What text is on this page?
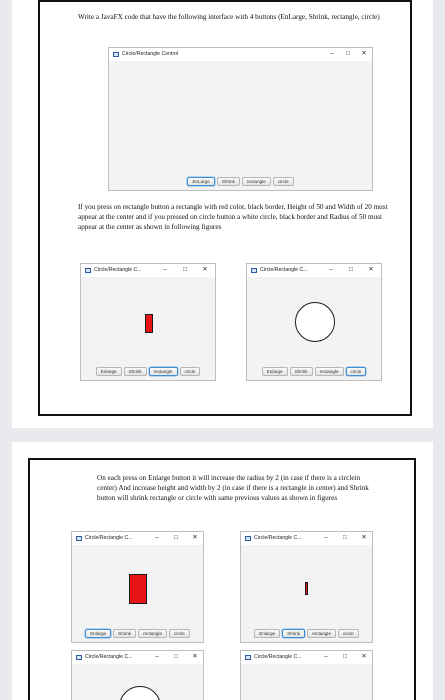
Write a JavaFX code that have the following interface with 4 buttons (EnLarge, Shrink, rectangle, circle)
Circle/Rectangle Control	–	□	✕
EnLarge	Shrink	rectangle	circle
If you press on rectangle button a rectangle with red color, black border, Height of 50 and Width of 20 must appear at the center and if you pressed on circle button a white circle, black border and Radius of 50 must appear at the center as shown in following figures
Circle/Rectangle C...	–	□	✕
Enlarge	Shrink	rectangle	circle
Circle/Rectangle C...	–	□	✕
Enlarge	Shrink	rectangle	circle
On each press on Enlarge button it will increase the radius by 2 (in case if there is a circlein center) And increase height and width by 2 (in case if there is a rectangle in center) and Shrink button will shrink rectangle or circle with same previous values as shown in figures
Circle/Rectangle C...	–	□	✕
Enlarge	Shrink	rectangle	circle
Circle/Rectangle C...	–	□	✕
Enlarge	Shrink	rectangle	circle
Circle/Rectangle C...	–	□	✕	Circle/Rectangle C...	–	□	✕
